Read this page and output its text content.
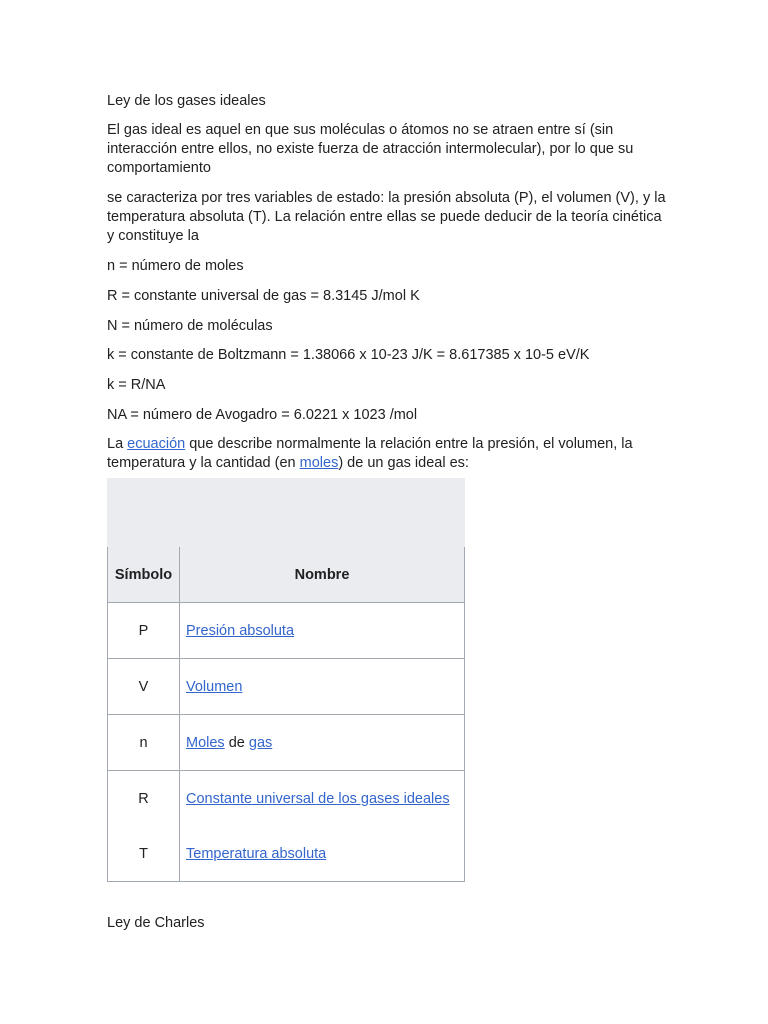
Ley de los gases ideales

El gas ideal es aquel en que sus moléculas o átomos no se atraen entre sí (sin interacción entre ellos, no existe fuerza de atracción intermolecular), por lo que su comportamiento

se caracteriza por tres variables de estado: la presión absoluta (P), el volumen (V), y la temperatura absoluta (T). La relación entre ellas se puede deducir de la teoría cinética y constituye la

n = número de moles

R = constante universal de gas = 8.3145 J/mol K

N = número de moléculas

k = constante de Boltzmann = 1.38066 x 10-23 J/K = 8.617385 x 10-5 eV/K

k = R/NA

NA = número de Avogadro = 6.0221 x 1023 /mol

La ecuación que describe normalmente la relación entre la presión, el volumen, la temperatura y la cantidad (en moles) de un gas ideal es:

Símbolo	Nombre
P	Presión absoluta
V	Volumen
n	Moles de gas
R	Constante universal de los gases ideales
T	Temperatura absoluta

Ley de Charles
